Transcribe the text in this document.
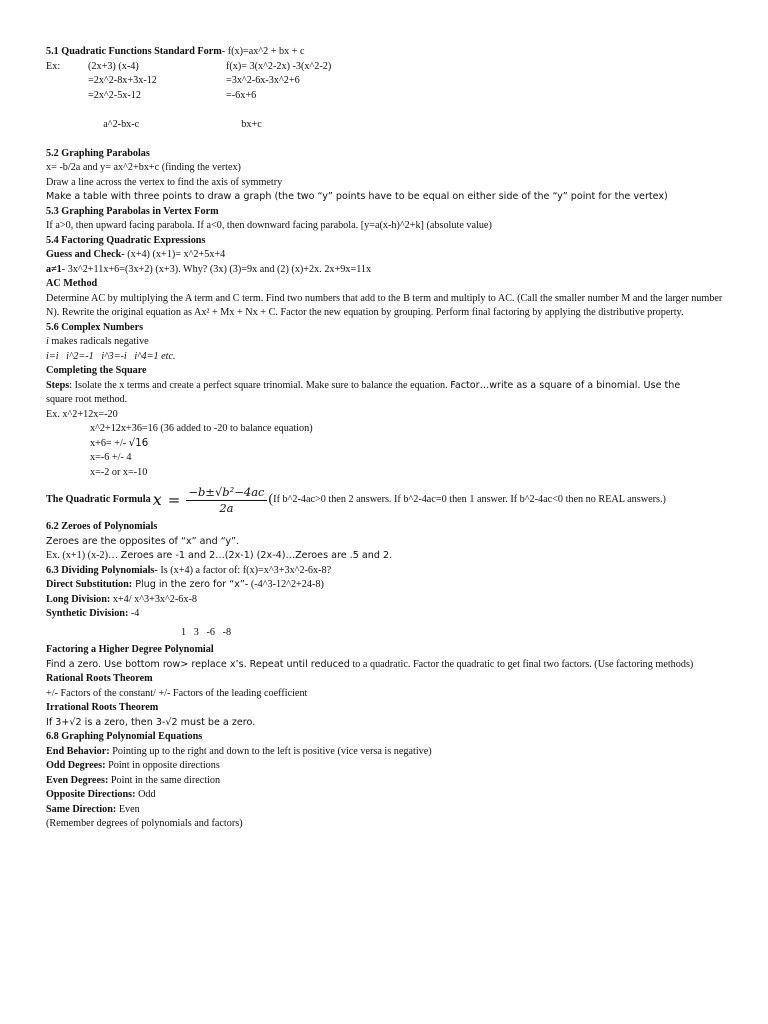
5.1 Quadratic Functions Standard Form- f(x)=ax^2 + bx + c
Ex:	(2x+3) (x-4)	f(x)= 3(x^2-2x) -3(x^2-2)
=2x^2-8x+3x-12	=3x^2-6x-3x^2+6
=2x^2-5x-12	=-6x+6

a^2-bx-c	bx+c

5.2 Graphing Parabolas
x= -b/2a and y= ax^2+bx+c (finding the vertex)
Draw a line across the vertex to find the axis of symmetry
Make a table with three points to draw a graph (the two “y” points have to be equal on either side of the “y” point for the vertex)
5.3 Graphing Parabolas in Vertex Form
If a>0, then upward facing parabola. If a<0, then downward facing parabola. [y=a(x-h)^2+k] (absolute value)
5.4 Factoring Quadratic Expressions
Guess and Check- (x+4) (x+1)= x^2+5x+4
a≠1- 3x^2+11x+6=(3x+2) (x+3). Why? (3x) (3)=9x and (2) (x)+2x. 2x+9x=11x
AC Method
Determine AC by multiplying the A term and C term. Find two numbers that add to the B term and multiply to AC. (Call the smaller number M and the larger number N). Rewrite the original equation as Ax² + Mx + Nx + C. Factor the new equation by grouping. Perform final factoring by applying the distributive property.
5.6 Complex Numbers
i makes radicals negative
i=i   i^2=-1   i^3=-i   i^4=1 etc.
Completing the Square
Steps: Isolate the x terms and create a perfect square trinomial. Make sure to balance the equation. Factor…write as a square of a binomial. Use the
square root method.
Ex. x^2+12x=-20
x^2+12x+36=16 (36 added to -20 to balance equation)
x+6= +/- √16
x=-6 +/- 4
x=-2 or x=-10
The Quadratic Formula $x = \frac{\text{−b±√b²−4ac}}{2a}$ ( If b^2-4ac>0 then 2 answers. If b^2-4ac=0 then 1 answer. If b^2-4ac<0 then no REAL answers.)
6.2 Zeroes of Polynomials
Zeroes are the opposites of “x” and “y”.
Ex. (x+1) (x-2)… Zeroes are -1 and 2…(2x-1) (2x-4)…Zeroes are .5 and 2.
6.3 Dividing Polynomials- Is (x+4) a factor of: f(x)=x^3+3x^2-6x-8?
Direct Substitution: Plug in the zero for “x”- (-4^3-12^2+24-8)
Long Division: x+4/ x^3+3x^2-6x-8
Synthetic Division: -4
1   3   -6   -8
Factoring a Higher Degree Polynomial
Find a zero. Use bottom row> replace x’s. Repeat until reduced to a quadratic. Factor the quadratic to get final two factors. (Use factoring methods)
Rational Roots Theorem
+/- Factors of the constant/ +/- Factors of the leading coefficient
Irrational Roots Theorem
If 3+√2 is a zero, then 3-√2 must be a zero.
6.8 Graphing Polynomial Equations
End Behavior: Pointing up to the right and down to the left is positive (vice versa is negative)
Odd Degrees: Point in opposite directions
Even Degrees: Point in the same direction
Opposite Directions: Odd
Same Direction: Even
(Remember degrees of polynomials and factors)
